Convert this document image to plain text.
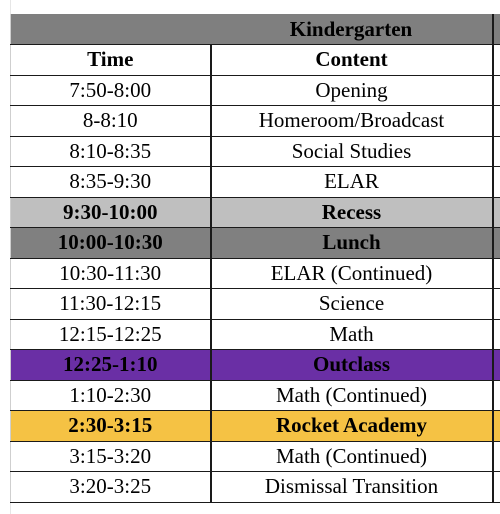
	Kindergarten	
Time	Content	
7:50-8:00	Opening	
8-8:10	Homeroom/Broadcast	
8:10-8:35	Social Studies	
8:35-9:30	ELAR	
9:30-10:00	Recess	
10:00-10:30	Lunch	
10:30-11:30	ELAR (Continued)	
11:30-12:15	Science	
12:15-12:25	Math	
12:25-1:10	Outclass	
1:10-2:30	Math (Continued)	
2:30-3:15	Rocket Academy	
3:15-3:20	Math (Continued)	
3:20-3:25	Dismissal Transition	
